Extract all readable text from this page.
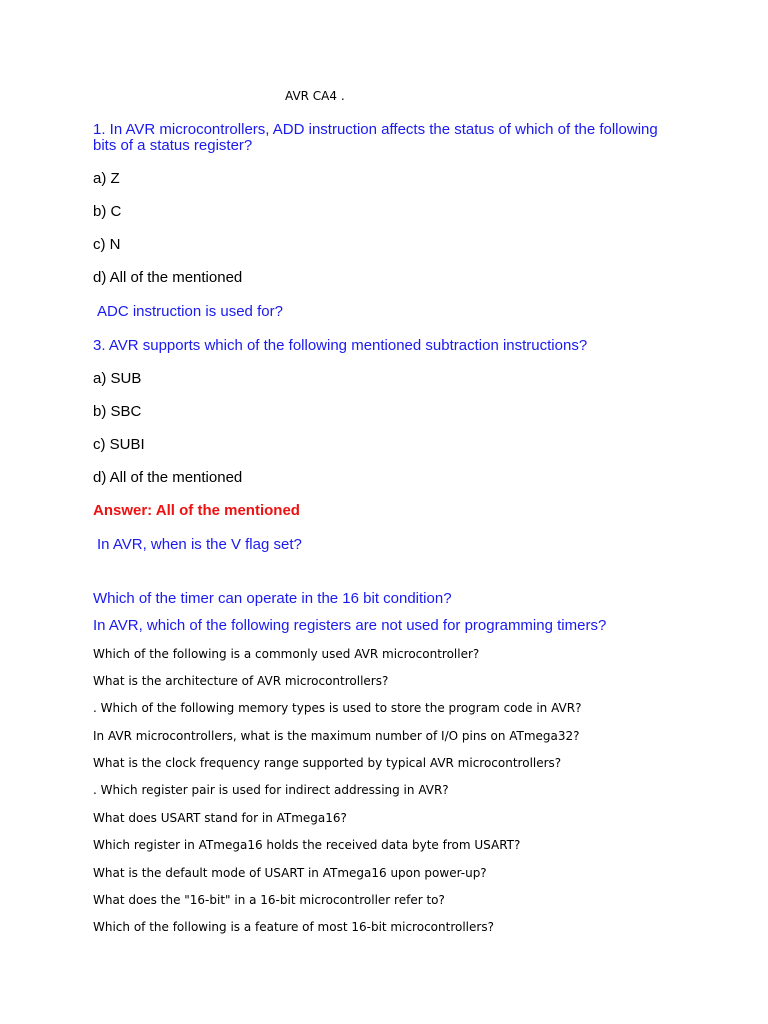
AVR CA4 .
1. In AVR microcontrollers, ADD instruction affects the status of which of the following bits of a status register?
a) Z
b) C
c) N
d) All of the mentioned
ADC instruction is used for?
3. AVR supports which of the following mentioned subtraction instructions?
a) SUB
b) SBC
c) SUBI
d) All of the mentioned
Answer: All of the mentioned
In AVR, when is the V flag set?
Which of the timer can operate in the 16 bit condition?
In AVR, which of the following registers are not used for programming timers?
Which of the following is a commonly used AVR microcontroller?
What is the architecture of AVR microcontrollers?
. Which of the following memory types is used to store the program code in AVR?
In AVR microcontrollers, what is the maximum number of I/O pins on ATmega32?
What is the clock frequency range supported by typical AVR microcontrollers?
. Which register pair is used for indirect addressing in AVR?
What does USART stand for in ATmega16?
Which register in ATmega16 holds the received data byte from USART?
What is the default mode of USART in ATmega16 upon power-up?
What does the "16-bit" in a 16-bit microcontroller refer to?
Which of the following is a feature of most 16-bit microcontrollers?
